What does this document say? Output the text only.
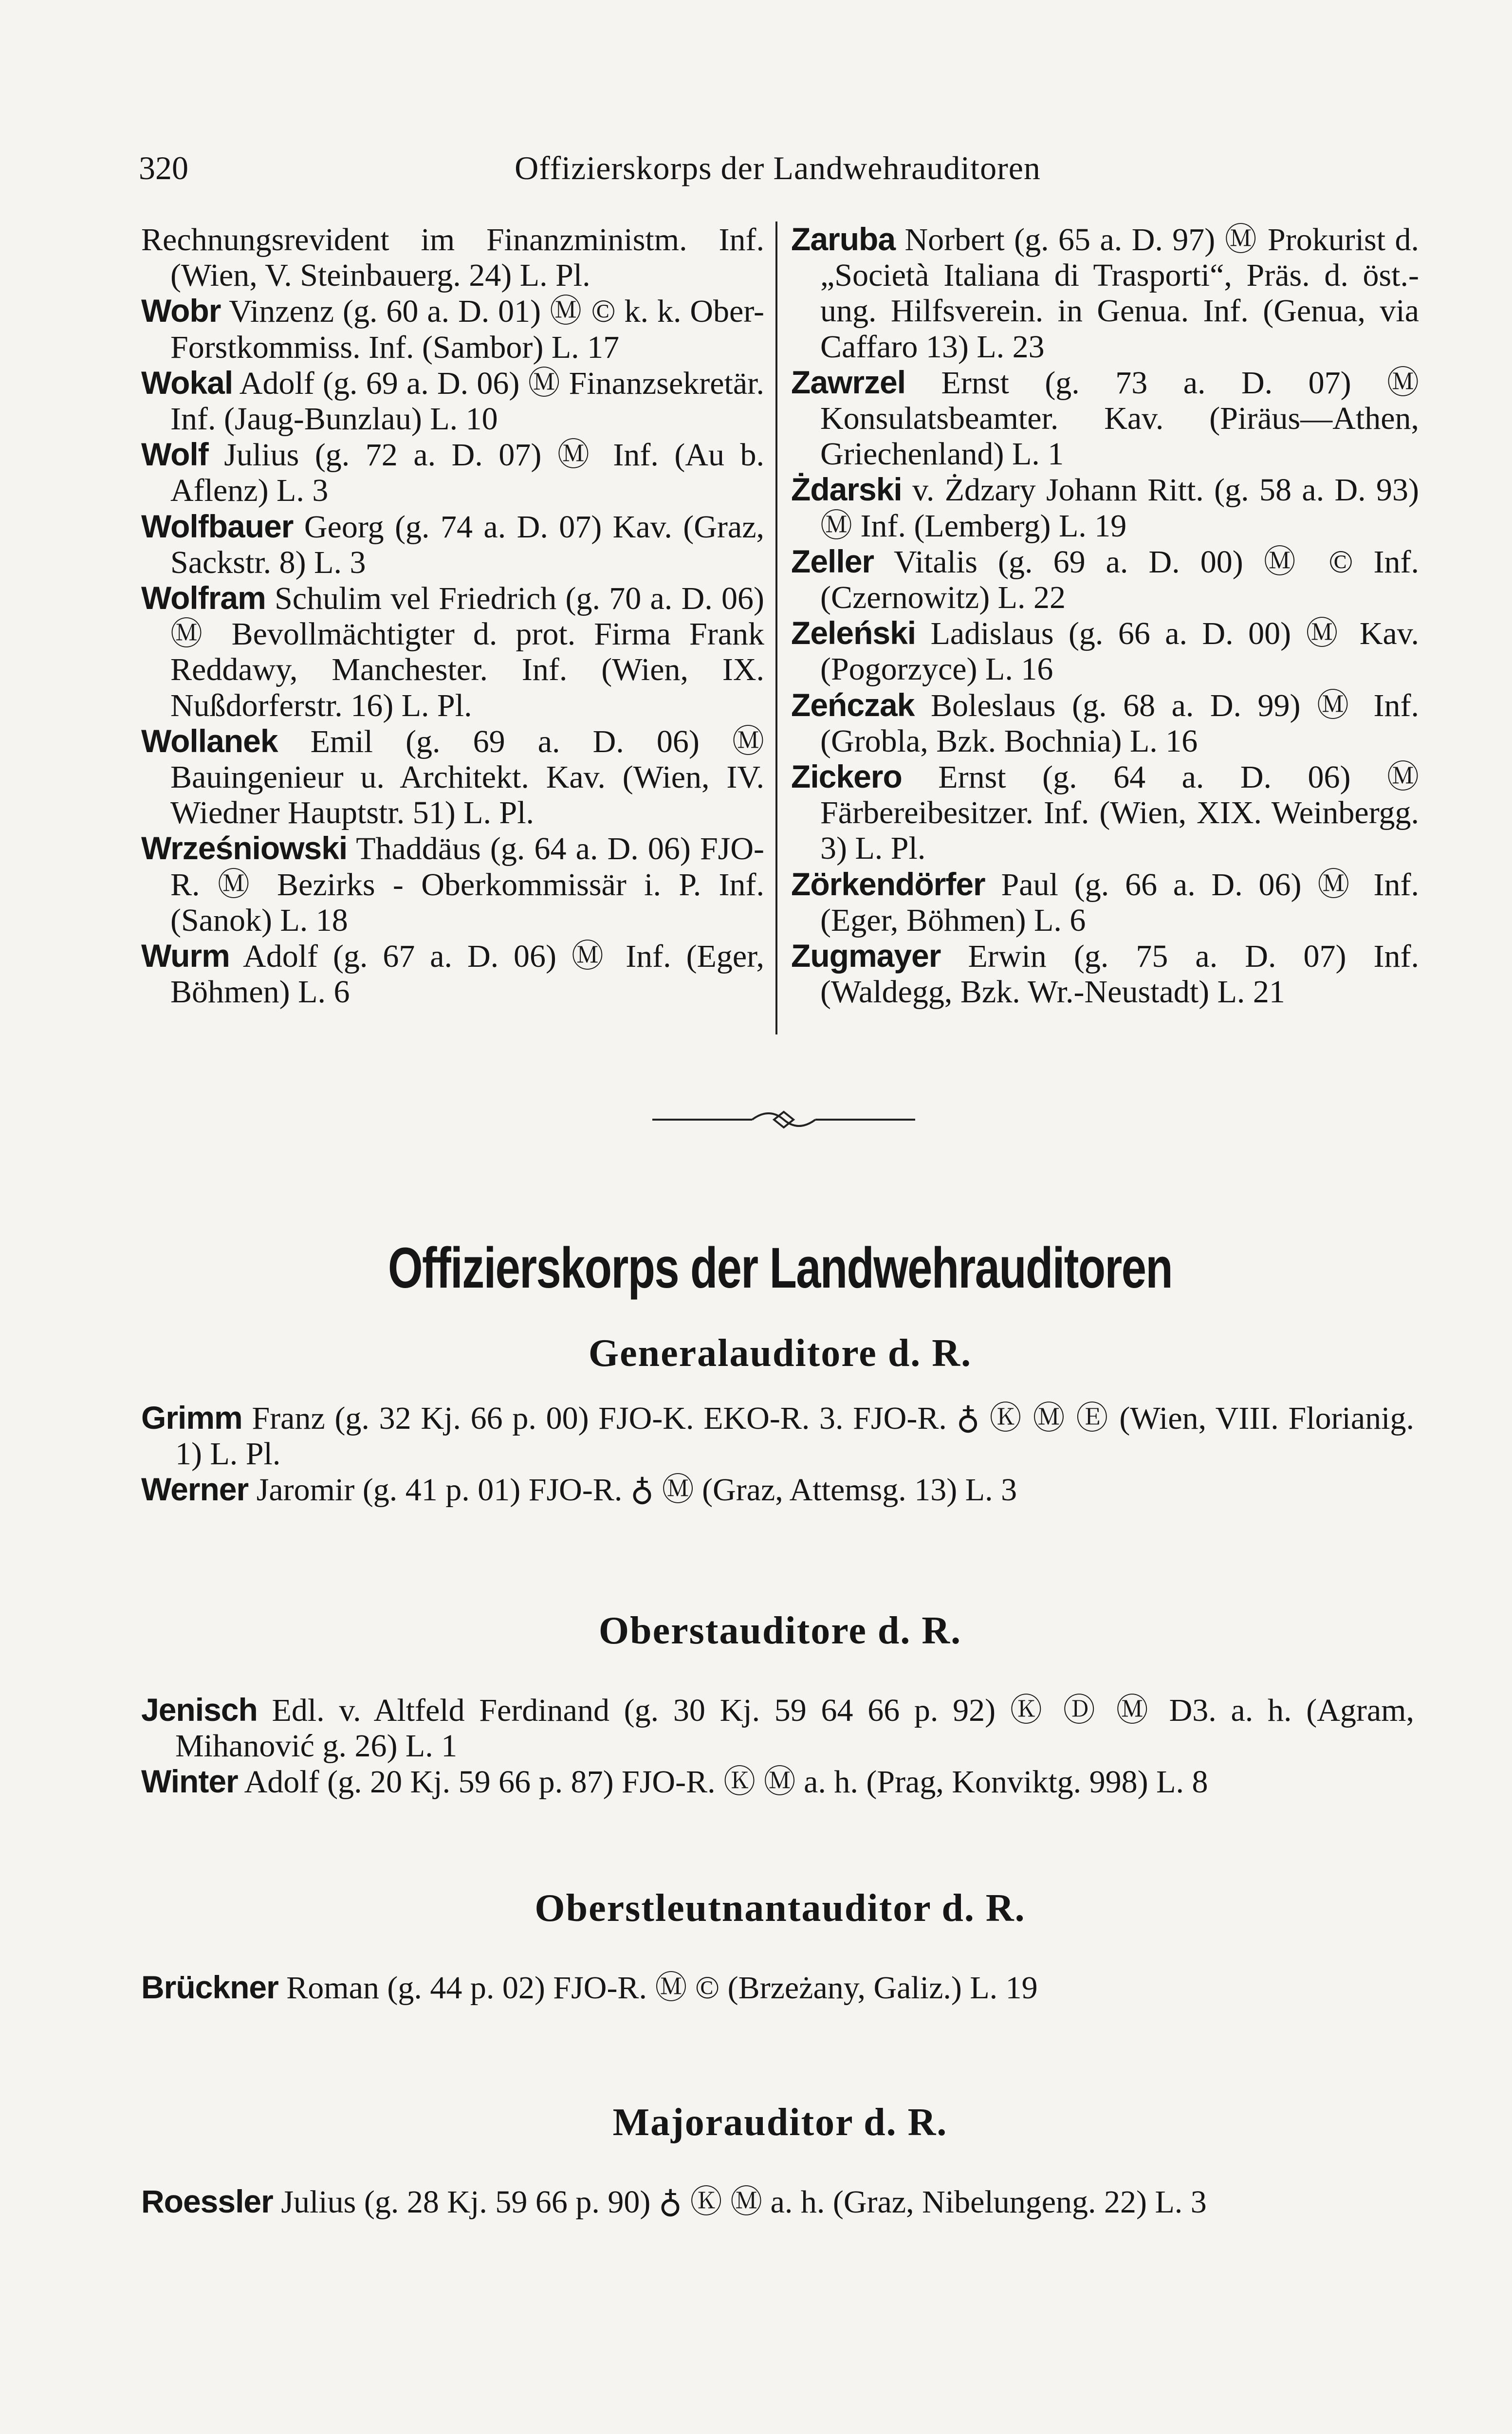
320	Offizierskorps der Landwehrauditoren
Rechnungsrevident im Finanzministm. Inf. (Wien, V. Steinbauerg. 24) L. Pl.
Wobr Vinzenz (g. 60 a. D. 01) Ⓜ © k. k. Ober-Forstkommiss. Inf. (Sambor) L. 17
Wokal Adolf (g. 69 a. D. 06) Ⓜ Finanzsekretär. Inf. (Jaug-Bunzlau) L. 10
Wolf Julius (g. 72 a. D. 07) Ⓜ Inf. (Au b. Aflenz) L. 3
Wolfbauer Georg (g. 74 a. D. 07) Kav. (Graz, Sackstr. 8) L. 3
Wolfram Schulim vel Friedrich (g. 70 a. D. 06) Ⓜ Bevollmächtigter d. prot. Firma Frank Reddawy, Manchester. Inf. (Wien, IX. Nußdorferstr. 16) L. Pl.
Wollanek Emil (g. 69 a. D. 06) Ⓜ Bauingenieur u. Architekt. Kav. (Wien, IV. Wiedner Hauptstr. 51) L. Pl.
Wrześniowski Thaddäus (g. 64 a. D. 06) FJO-R. Ⓜ Bezirks - Oberkommissär i. P. Inf. (Sanok) L. 18
Wurm Adolf (g. 67 a. D. 06) Ⓜ Inf. (Eger, Böhmen) L. 6
Zaruba Norbert (g. 65 a. D. 97) Ⓜ Prokurist d. „Società Italiana di Trasporti“, Präs. d. öst.-ung. Hilfsverein. in Genua. Inf. (Genua, via Caffaro 13) L. 23
Zawrzel Ernst (g. 73 a. D. 07) Ⓜ Konsulatsbeamter. Kav. (Piräus—Athen, Griechenland) L. 1
Żdarski v. Żdzary Johann Ritt. (g. 58 a. D. 93) Ⓜ Inf. (Lemberg) L. 19
Zeller Vitalis (g. 69 a. D. 00) Ⓜ © Inf. (Czernowitz) L. 22
Zeleński Ladislaus (g. 66 a. D. 00) Ⓜ Kav. (Pogorzyce) L. 16
Zeńczak Boleslaus (g. 68 a. D. 99) Ⓜ Inf. (Grobla, Bzk. Bochnia) L. 16
Zickero Ernst (g. 64 a. D. 06) Ⓜ Färbereibesitzer. Inf. (Wien, XIX. Weinbergg. 3) L. Pl.
Zörkendörfer Paul (g. 66 a. D. 06) Ⓜ Inf. (Eger, Böhmen) L. 6
Zugmayer Erwin (g. 75 a. D. 07) Inf. (Waldegg, Bzk. Wr.-Neustadt) L. 21
Offizierskorps der Landwehrauditoren
Generalauditore d. R.
Grimm Franz (g. 32 Kj. 66 p. 00) FJO-K. EKO-R. 3. FJO-R. ♁ Ⓚ Ⓜ Ⓔ (Wien, VIII. Florianig. 1) L. Pl.
Werner Jaromir (g. 41 p. 01) FJO-R. ♁ Ⓜ (Graz, Attemsg. 13) L. 3
Oberstauditore d. R.
Jenisch Edl. v. Altfeld Ferdinand (g. 30 Kj. 59 64 66 p. 92) Ⓚ Ⓓ Ⓜ D3. a. h. (Agram, Mihanović g. 26) L. 1
Winter Adolf (g. 20 Kj. 59 66 p. 87) FJO-R. Ⓚ Ⓜ a. h. (Prag, Konviktg. 998) L. 8
Oberstleutnantauditor d. R.
Brückner Roman (g. 44 p. 02) FJO-R. Ⓜ © (Brzeżany, Galiz.) L. 19
Majorauditor d. R.
Roessler Julius (g. 28 Kj. 59 66 p. 90) ♁ Ⓚ Ⓜ a. h. (Graz, Nibelungeng. 22) L. 3
